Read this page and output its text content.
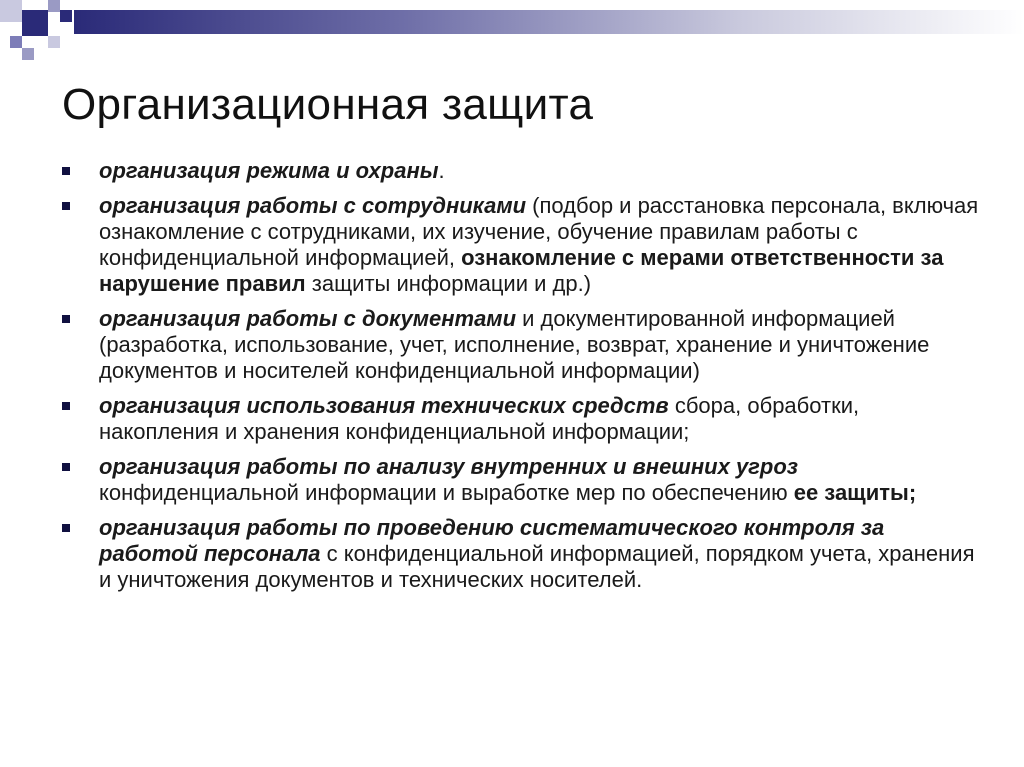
Организационная защита
организация режима и охраны.
организация работы с сотрудниками (подбор и расстановка персонала, включая ознакомление с сотрудниками, их изучение, обучение правилам работы с конфиденциальной информацией, ознакомление с мерами ответственности за нарушение правил защиты информации и др.)
организация работы с документами и документированной информацией (разработка, использование, учет, исполнение, возврат, хранение и уничтожение документов и носителей конфиденциальной информации)
организация использования технических средств сбора, обработки, накопления и хранения конфиденциальной информации;
организация работы по анализу внутренних и внешних угроз конфиденциальной информации и выработке мер по обеспечению ее защиты;
организация работы по проведению систематического контроля за работой персонала с конфиденциальной информацией, порядком учета, хранения и уничтожения документов и технических носителей.
